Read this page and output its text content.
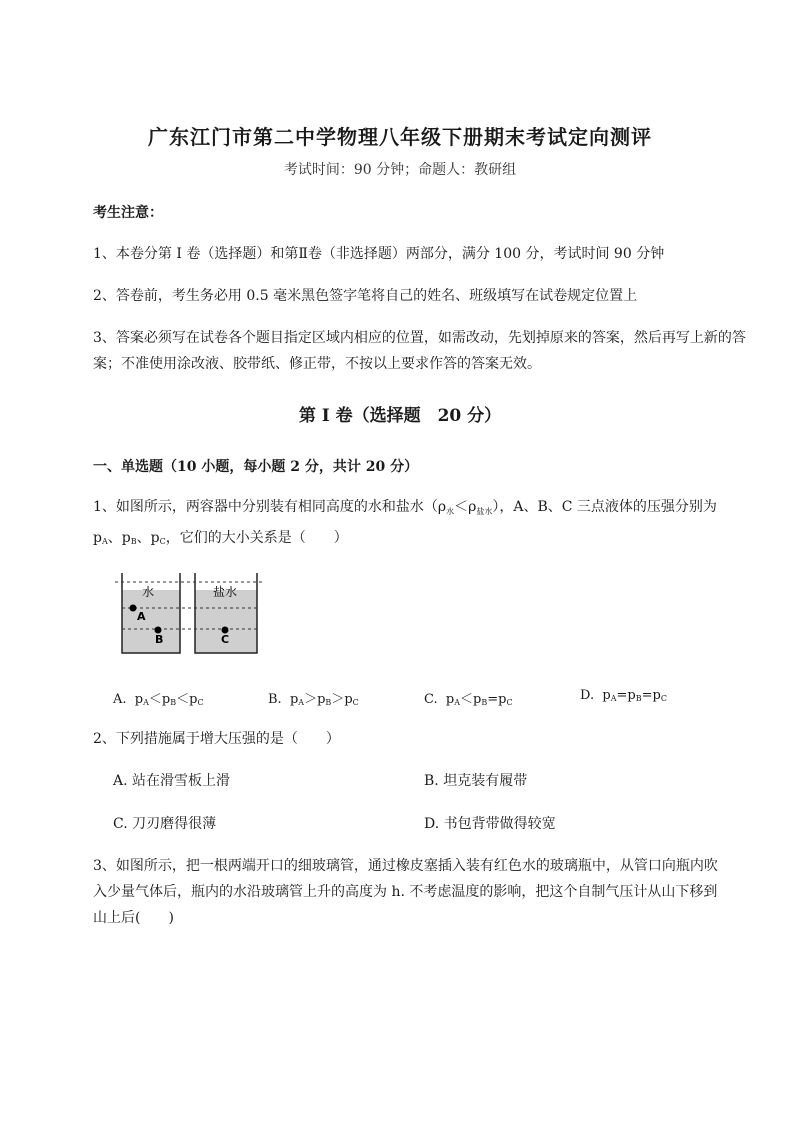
广东江门市第二中学物理八年级下册期末考试定向测评
考试时间：90 分钟；命题人：教研组
考生注意：
1、本卷分第 I 卷（选择题）和第Ⅱ卷（非选择题）两部分，满分 100 分，考试时间 90 分钟
2、答卷前，考生务必用 0.5 毫米黑色签字笔将自己的姓名、班级填写在试卷规定位置上
3、答案必须写在试卷各个题目指定区域内相应的位置，如需改动，先划掉原来的答案，然后再写上新的答案；不准使用涂改液、胶带纸、修正带，不按以上要求作答的答案无效。
第 I 卷（选择题　20 分）
一、单选题（10 小题，每小题 2 分，共计 20 分）
1、如图所示，两容器中分别装有相同高度的水和盐水$(\rho_水<\rho_{盐水})$，A、B、C 三点液体的压强分别为
$p_A$、$p_B$、$p_C$，它们的大小关系是（　　）
水	盐水
A
B	C
A. $p_A<p_B<p_C$	B. $p_A>p_B>p_C$	C. $p_A<p_B=p_C$	D. $p_A=p_B=p_C$
2、下列措施属于增大压强的是（　　）
A. 站在滑雪板上滑	B. 坦克装有履带
C. 刀刃磨得很薄	D. 书包背带做得较宽
3、如图所示，把一根两端开口的细玻璃管，通过橡皮塞插入装有红色水的玻璃瓶中，从管口向瓶内吹
入少量气体后，瓶内的水沿玻璃管上升的高度为 h. 不考虑温度的影响，把这个自制气压计从山下移到
山上后(　　)
